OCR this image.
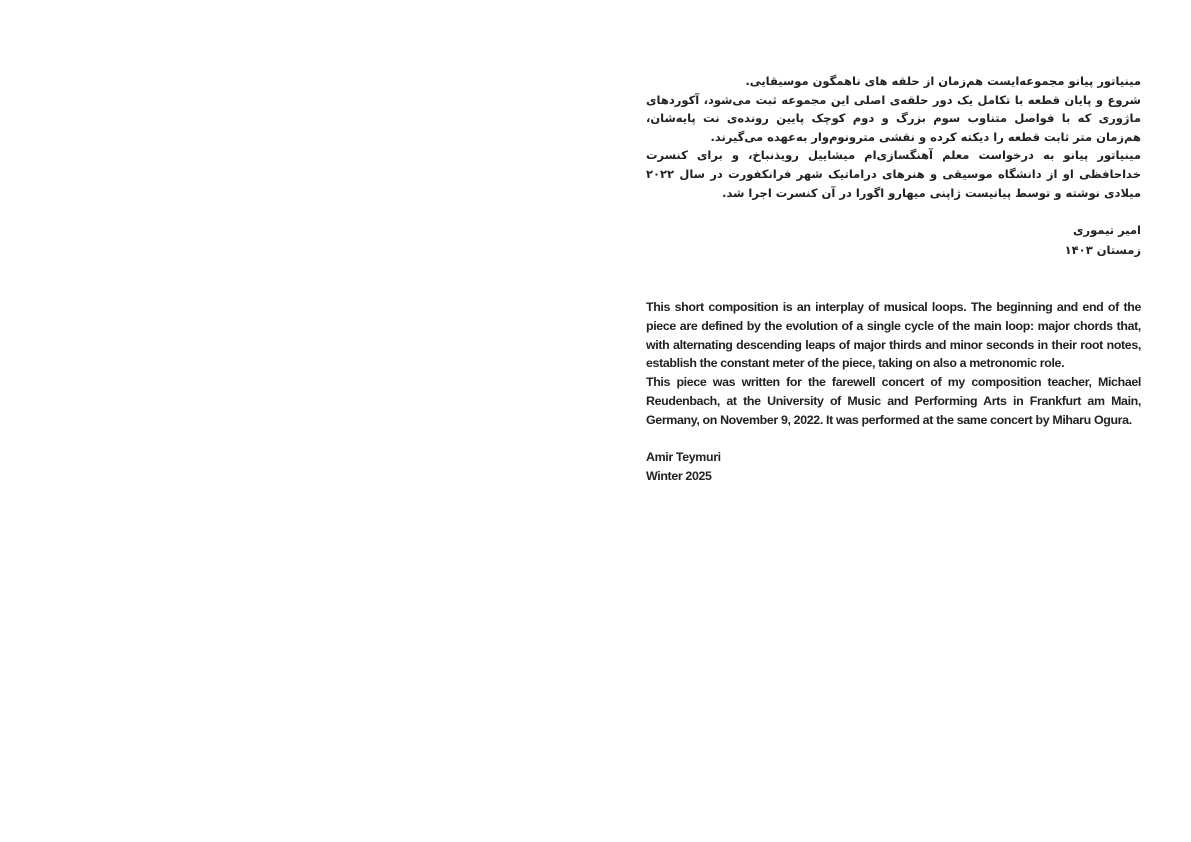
مینیاتور پیانو مجموعه‌ایست هم‌زمان از حلقه های ناهمگون موسیقایی.

شروع و پایان قطعه با تکامل یک دور حلقه‌ی اصلی این مجموعه ثبت می‌شود، آکوردهای ماژوری که با فواصل متناوب سوم بزرگ و دوم کوچک پایین رونده‌ی نت پایه‌شان، هم‌زمان متر ثابت قطعه را دیکته کرده و نقشی مترونوم‌وار به‌عهده می‌گیرند.

مینیاتور پیانو به درخواست معلم آهنگسازی‌ام میشاییل رویذنباخ، و برای کنسرت خداحافظی او از دانشگاه موسیقی و هنرهای دراماتیک شهر فرانکفورت در سال ۲۰۲۲ میلادی نوشته و توسط پیانیست ژاپنی میهارو اگورا در آن کنسرت اجرا شد.

امیر تیموری
زمستان ۱۴۰۳

This short composition is an interplay of musical loops. The beginning and end of the piece are defined by the evolution of a single cycle of the main loop: major chords that, with alternating descending leaps of major thirds and minor seconds in their root notes, establish the constant meter of the piece, taking on also a metronomic role.

This piece was written for the farewell concert of my composition teacher, Michael Reudenbach, at the University of Music and Performing Arts in Frankfurt am Main, Germany, on November 9, 2022. It was performed at the same concert by Miharu Ogura.

Amir Teymuri
Winter 2025
